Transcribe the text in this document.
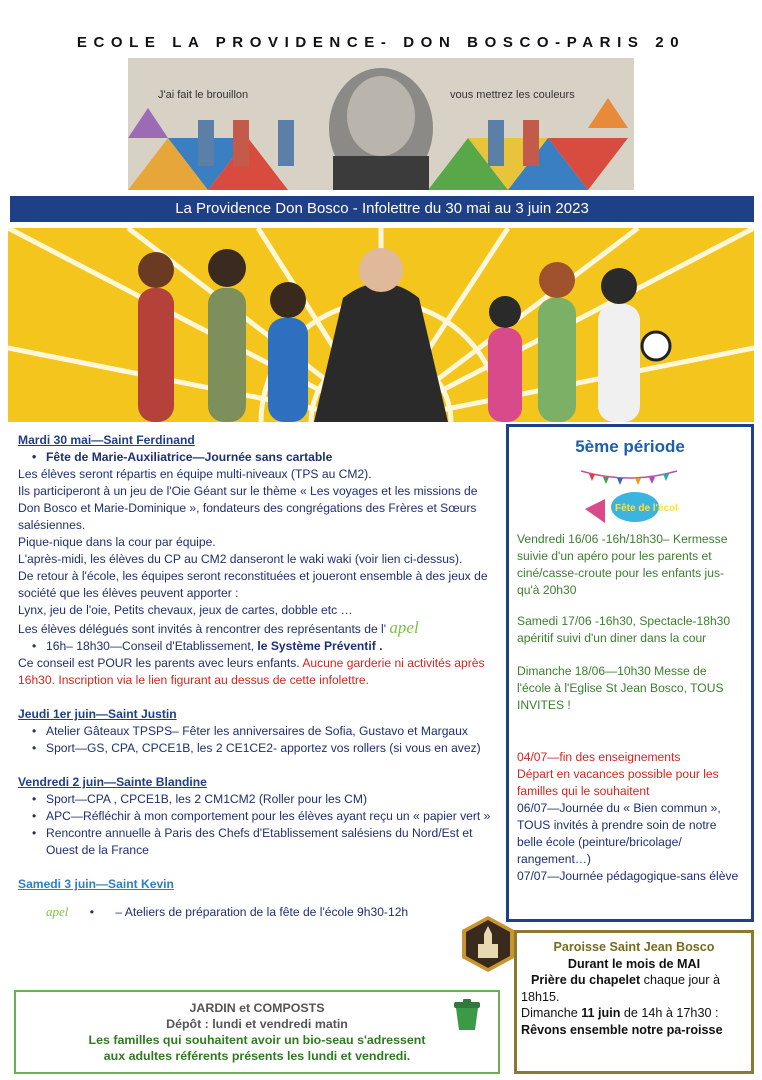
ECOLE LA PROVIDENCE- DON BOSCO-PARIS 20
J'ai fait le brouillon	vous mettrez les couleurs
La Providence Don Bosco - Infolettre du 30 mai au 3 juin 2023

Mardi 30 mai—Saint Ferdinand

• Fête de Marie-Auxiliatrice—Journée sans cartable

Les élèves seront répartis en équipe multi-niveaux (TPS au CM2).

Ils participeront à un jeu de l'Oie Géant sur le thème « Les voyages et les missions de Don Bosco et Marie-Dominique », fondateurs des congrégations des Frères et Sœurs salésiennes.

Pique-nique dans la cour par équipe.

L'après-midi, les élèves du CP au CM2 danseront le waki waki (voir lien ci-dessus).

De retour à l'école, les équipes seront reconstituées et joueront ensemble à des jeux de société que les élèves peuvent apporter :

Lynx, jeu de l'oie, Petits chevaux, jeux de cartes, dobble etc …

Les élèves délégués sont invités à rencontrer des représentants de l' apel

• 16h– 18h30—Conseil d'Etablissement, le Système Préventif .

Ce conseil est POUR les parents avec leurs enfants. Aucune garderie ni activités après 16h30. Inscription via le lien figurant au dessus de cette infolettre.

Jeudi 1er juin—Saint Justin

• Atelier Gâteaux TPSPS– Fêter les anniversaires de Sofia, Gustavo et Margaux

• Sport—GS, CPA, CPCE1B, les 2 CE1CE2- apportez vos rollers (si vous en avez)

Vendredi 2 juin—Sainte Blandine

• Sport—CPA , CPCE1B, les 2 CM1CM2 (Roller pour les CM)

• APC—Réfléchir à mon comportement pour les élèves ayant reçu un « papier vert »

• Rencontre annuelle à Paris des Chefs d'Etablissement salésiens du Nord/Est et Ouest de la France

Samedi 3 juin—Saint Kevin

apel • – Ateliers de préparation de la fête de l'école 9h30-12h

5ème période
Fête de l'école
Vendredi 16/06 -16h/18h30– Kermesse suivie d'un apéro pour les parents et ciné/casse-croute pour les enfants jus-qu'à 20h30
Samedi 17/06 -16h30, Spectacle-18h30 apéritif suivi d'un diner dans la cour
Dimanche 18/06—10h30 Messe de l'école à l'Eglise St Jean Bosco, TOUS INVITES !
04/07—fin des enseignements
Départ en vacances possible pour les familles qui le souhaitent
06/07—Journée du « Bien commun », TOUS invités à prendre soin de notre belle école (peinture/bricolage/ rangement…)
07/07—Journée pédagogique-sans élève
Paroisse Saint Jean Bosco
Durant le mois de MAI
Prière du chapelet chaque jour à 18h15.
Dimanche 11 juin de 14h à 17h30 : Rêvons ensemble notre pa-roisse
JARDIN et COMPOSTS
Dépôt : lundi et vendredi matin
Les familles qui souhaitent avoir un bio-seau s'adressent
aux adultes référents présents les lundi et vendredi.
